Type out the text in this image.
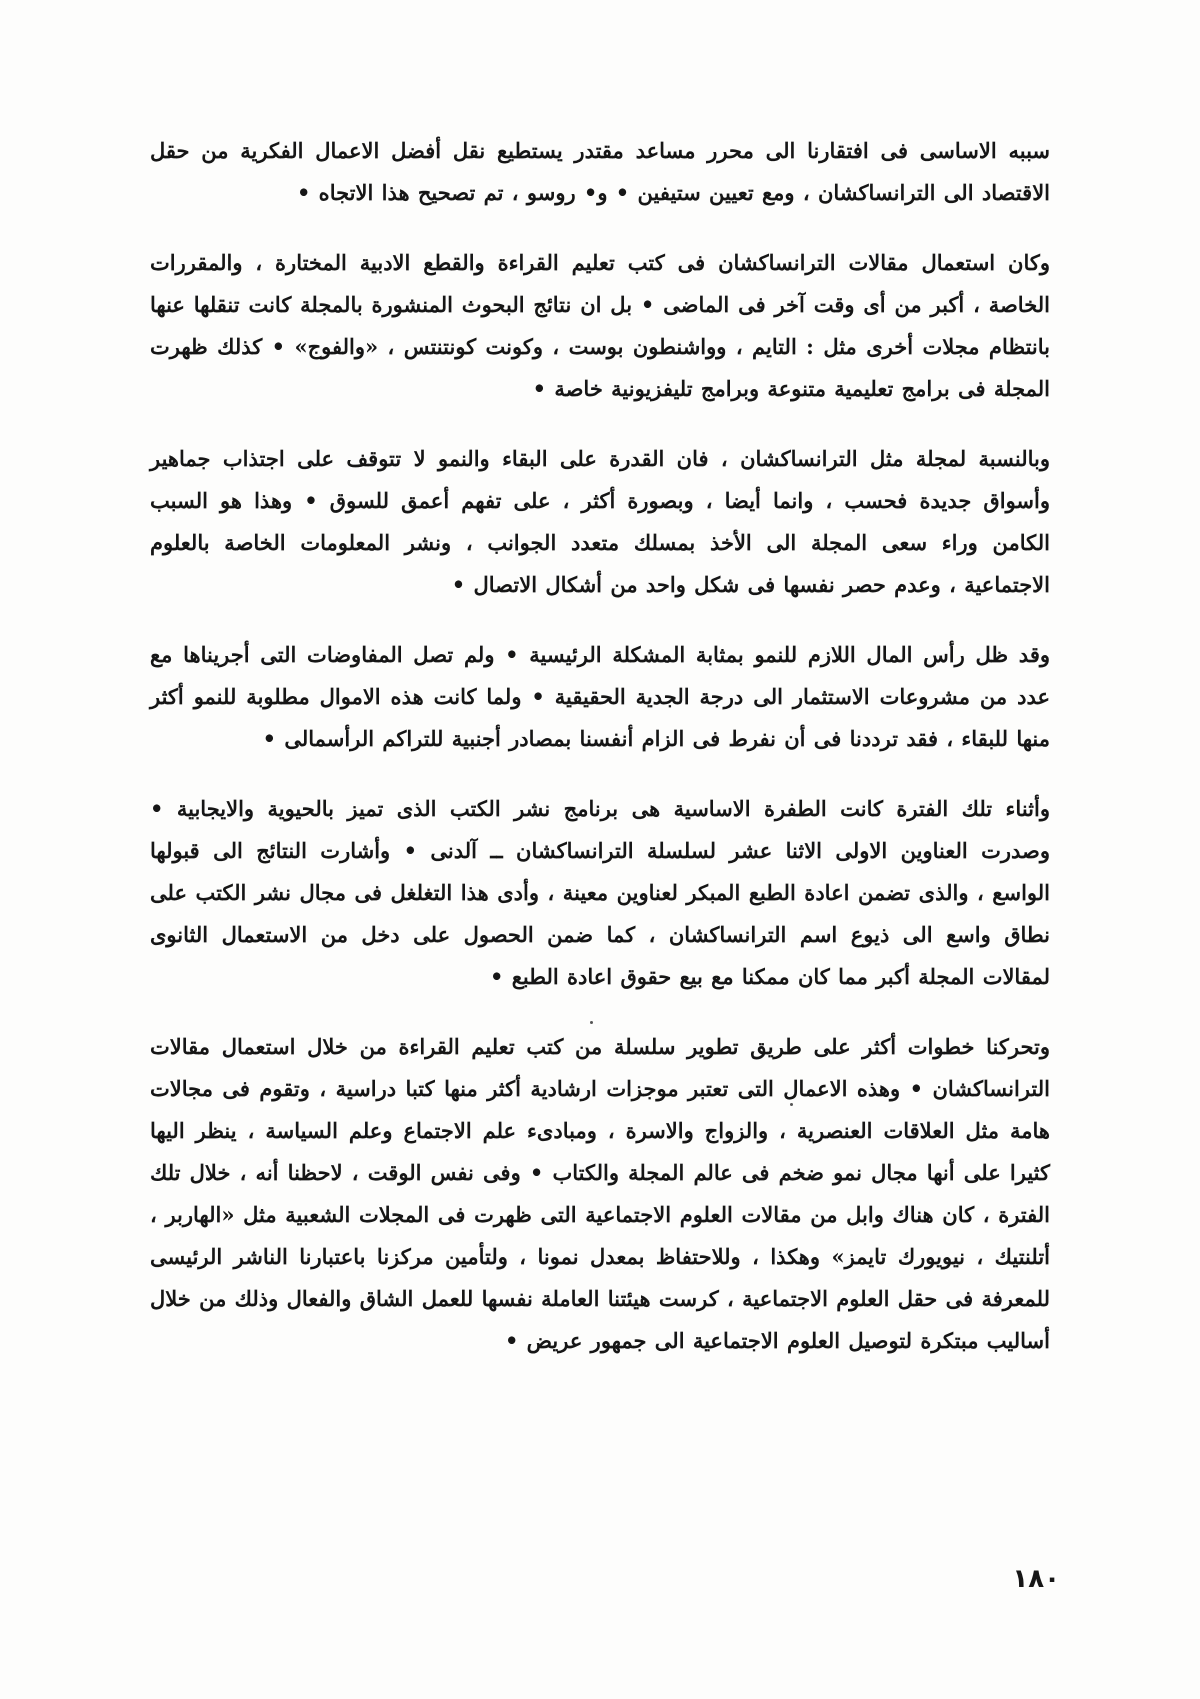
سببه الاساسى فى افتقارنا الى محرر مساعد مقتدر يستطيع نقل أفضل الاعمال الفكرية من حقل الاقتصاد الى الترانساكشان ، ومع تعيين ستيفين • و• روسو ، تم تصحيح هذا الاتجاه •

وكان استعمال مقالات الترانساكشان فى كتب تعليم القراءة والقطع الادبية المختارة ، والمقررات الخاصة ، أكبر من أى وقت آخر فى الماضى • بل ان نتائج البحوث المنشورة بالمجلة كانت تنقلها عنها بانتظام مجلات أخرى مثل : التايم ، وواشنطون بوست ، وكونت كونتنتس ، «والفوج» • كذلك ظهرت المجلة فى برامج تعليمية متنوعة وبرامج تليفزيونية خاصة •

وبالنسبة لمجلة مثل الترانساكشان ، فان القدرة على البقاء والنمو لا تتوقف على اجتذاب جماهير وأسواق جديدة فحسب ، وانما أيضا ، وبصورة أكثر ، على تفهم أعمق للسوق • وهذا هو السبب الكامن وراء سعى المجلة الى الأخذ بمسلك متعدد الجوانب ، ونشر المعلومات الخاصة بالعلوم الاجتماعية ، وعدم حصر نفسها فى شكل واحد من أشكال الاتصال •

وقد ظل رأس المال اللازم للنمو بمثابة المشكلة الرئيسية • ولم تصل المفاوضات التى أجريناها مع عدد من مشروعات الاستثمار الى درجة الجدية الحقيقية • ولما كانت هذه الاموال مطلوبة للنمو أكثر منها للبقاء ، فقد ترددنا فى أن نفرط فى الزام أنفسنا بمصادر أجنبية للتراكم الرأسمالى •

وأثناء تلك الفترة كانت الطفرة الاساسية هى برنامج نشر الكتب الذى تميز بالحيوية والايجابية • وصدرت العناوين الاولى الاثنا عشر لسلسلة الترانساكشان ــ آلدنى • وأشارت النتائج الى قبولها الواسع ، والذى تضمن اعادة الطبع المبكر لعناوين معينة ، وأدى هذا التغلغل فى مجال نشر الكتب على نطاق واسع الى ذيوع اسم الترانساكشان ، كما ضمن الحصول على دخل من الاستعمال الثانوى لمقالات المجلة أكبر مما كان ممكنا مع بيع حقوق اعادة الطبع •

وتحركنا خطوات أكثر على طريق تطوير سلسلة من كتب تعليم القراءة من خلال استعمال مقالات الترانساكشان • وهذه الاعمال التى تعتبر موجزات ارشادية أكثر منها كتبا دراسية ، وتقوم فى مجالات هامة مثل العلاقات العنصرية ، والزواج والاسرة ، ومبادىء علم الاجتماع وعلم السياسة ، ينظر اليها كثيرا على أنها مجال نمو ضخم فى عالم المجلة والكتاب • وفى نفس الوقت ، لاحظنا أنه ، خلال تلك الفترة ، كان هناك وابل من مقالات العلوم الاجتماعية التى ظهرت فى المجلات الشعبية مثل «الهاربر ، أتلنتيك ، نيويورك تايمز» وهكذا ، وللاحتفاظ بمعدل نمونا ، ولتأمين مركزنا باعتبارنا الناشر الرئيسى للمعرفة فى حقل العلوم الاجتماعية ، كرست هيئتنا العاملة نفسها للعمل الشاق والفعال وذلك من خلال أساليب مبتكرة لتوصيل العلوم الاجتماعية الى جمهور عريض •

١٨٠
